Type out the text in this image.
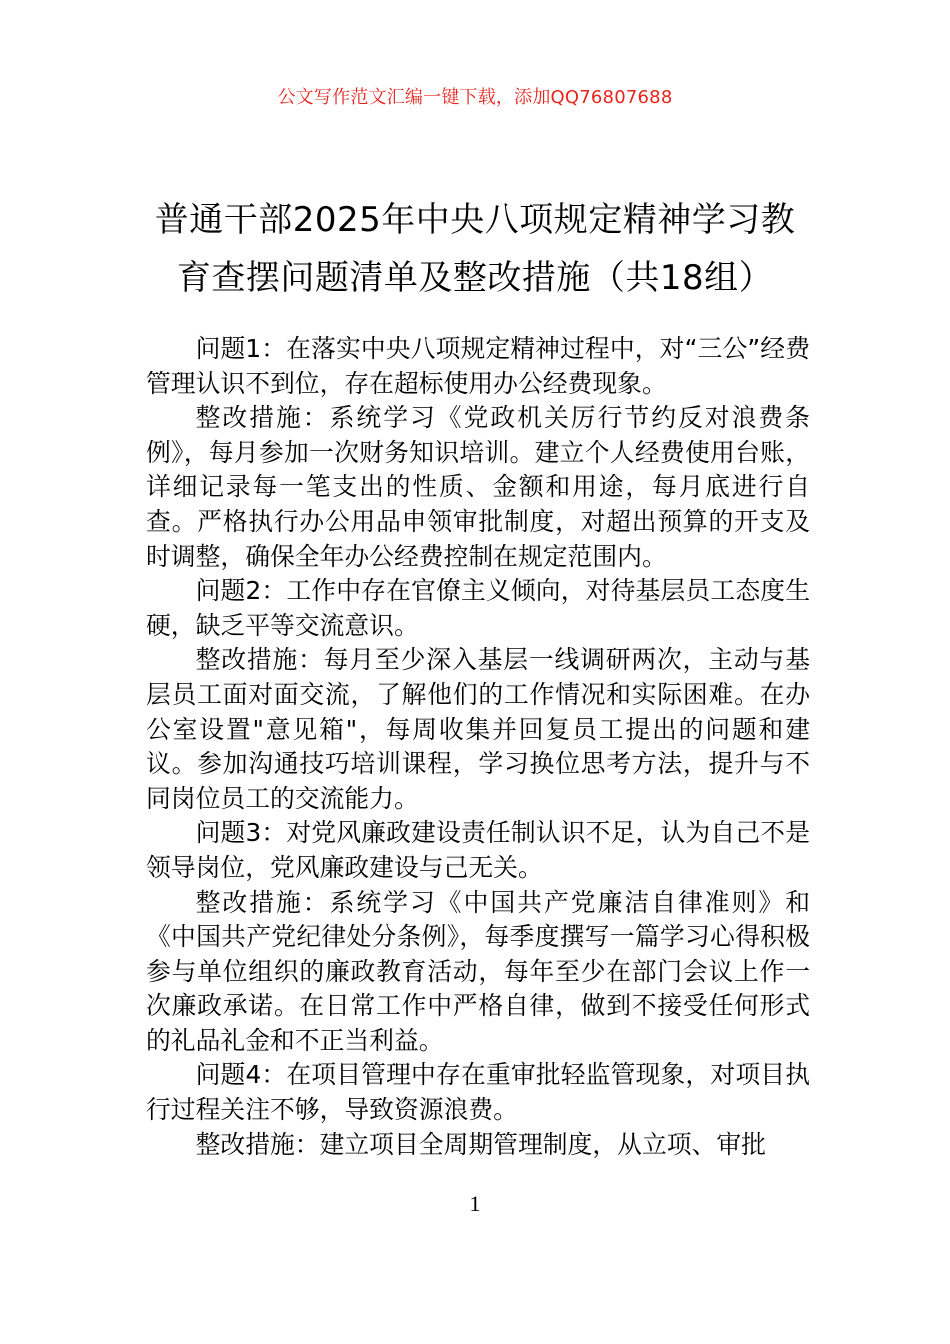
公文写作范文汇编一键下载，添加QQ76807688
普通干部2025年中央八项规定精神学习教
育查摆问题清单及整改措施（共18组）

问题1：在落实中央八项规定精神过程中，对“三公”经费管理认识不到位，存在超标使用办公经费现象。

整改措施：系统学习《党政机关厉行节约反对浪费条例》，每月参加一次财务知识培训。建立个人经费使用台账，详细记录每一笔支出的性质、金额和用途，每月底进行自查。严格执行办公用品申领审批制度，对超出预算的开支及时调整，确保全年办公经费控制在规定范围内。

问题2：工作中存在官僚主义倾向，对待基层员工态度生硬，缺乏平等交流意识。

整改措施：每月至少深入基层一线调研两次，主动与基层员工面对面交流，了解他们的工作情况和实际困难。在办公室设置"意见箱"，每周收集并回复员工提出的问题和建议。参加沟通技巧培训课程，学习换位思考方法，提升与不同岗位员工的交流能力。

问题3：对党风廉政建设责任制认识不足，认为自己不是领导岗位，党风廉政建设与己无关。

整改措施：系统学习《中国共产党廉洁自律准则》和《中国共产党纪律处分条例》，每季度撰写一篇学习心得积极参与单位组织的廉政教育活动，每年至少在部门会议上作一次廉政承诺。在日常工作中严格自律，做到不接受任何形式的礼品礼金和不正当利益。

问题4：在项目管理中存在重审批轻监管现象，对项目执行过程关注不够，导致资源浪费。

整改措施：建立项目全周期管理制度，从立项、审批

1
